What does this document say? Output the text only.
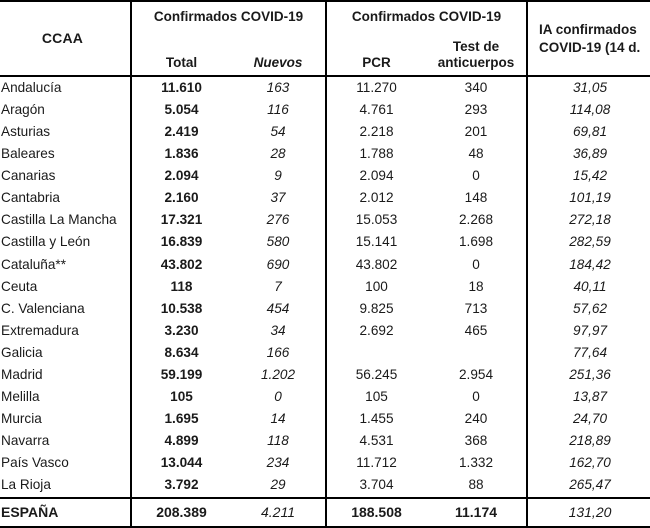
CCAA	Confirmados COVID-19		Confirmados COVID-19		IA confirmados COVID-19 (14 d.
	Total	Nuevos	PCR	Test de anticuerpos	
Andalucía	11.610	163	11.270	340	31,05
Aragón	5.054	116	4.761	293	114,08
Asturias	2.419	54	2.218	201	69,81
Baleares	1.836	28	1.788	48	36,89
Canarias	2.094	9	2.094	0	15,42
Cantabria	2.160	37	2.012	148	101,19
Castilla La Mancha	17.321	276	15.053	2.268	272,18
Castilla y León	16.839	580	15.141	1.698	282,59
Cataluña**	43.802	690	43.802	0	184,42
Ceuta	118	7	100	18	40,11
C. Valenciana	10.538	454	9.825	713	57,62
Extremadura	3.230	34	2.692	465	97,97
Galicia	8.634	166			77,64
Madrid	59.199	1.202	56.245	2.954	251,36
Melilla	105	0	105	0	13,87
Murcia	1.695	14	1.455	240	24,70
Navarra	4.899	118	4.531	368	218,89
País Vasco	13.044	234	11.712	1.332	162,70
La Rioja	3.792	29	3.704	88	265,47
ESPAÑA	208.389	4.211	188.508	11.174	131,20
